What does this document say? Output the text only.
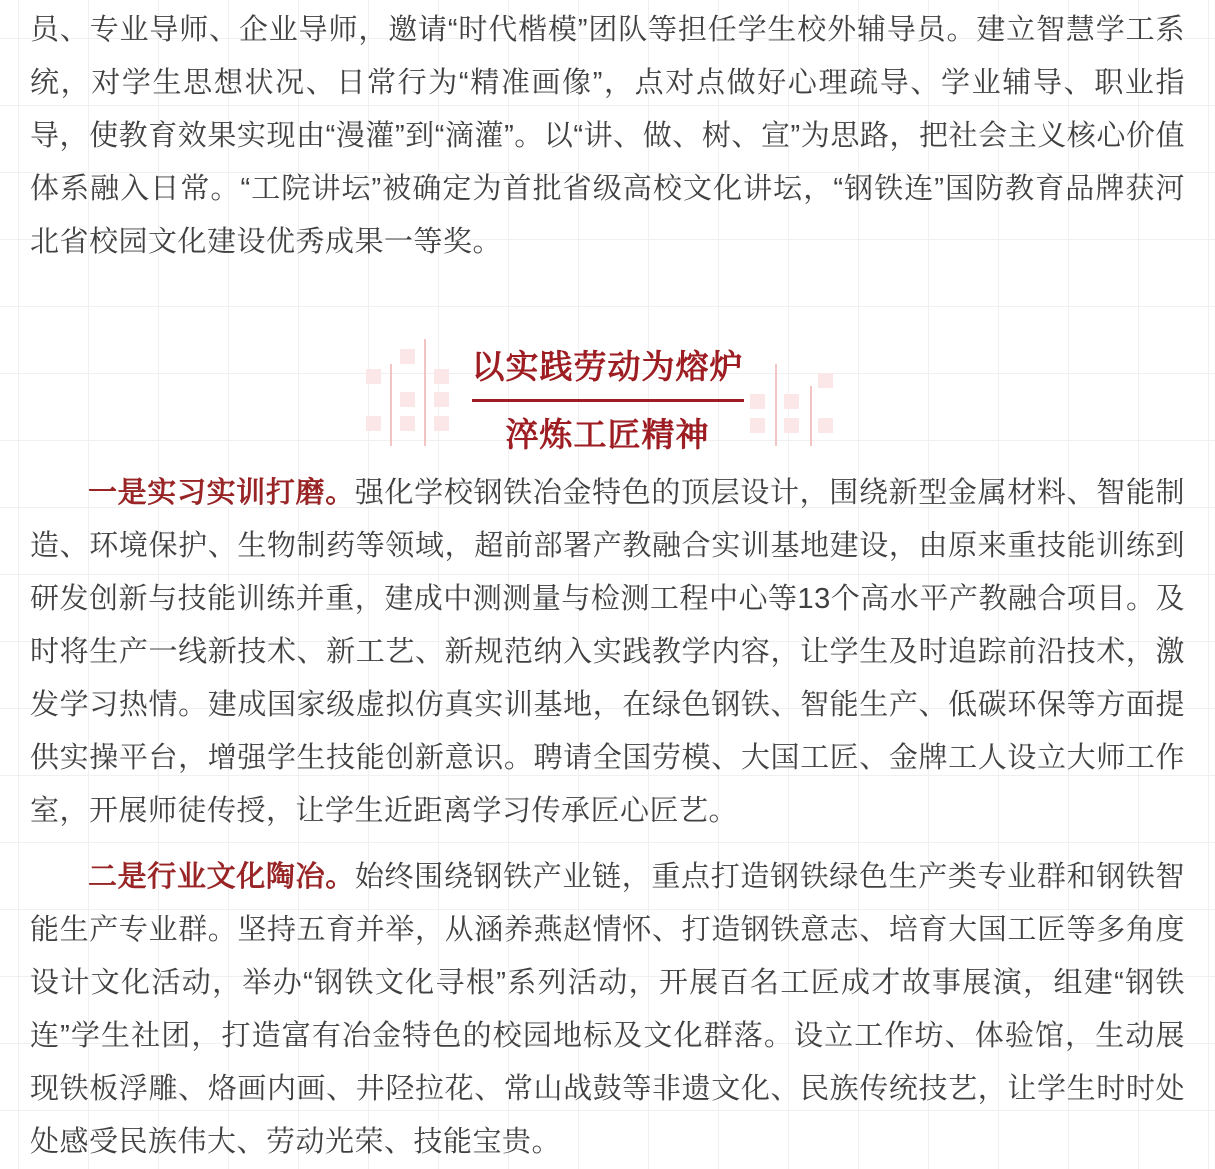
员、专业导师、企业导师，邀请“时代楷模”团队等担任学生校外辅导员。建立智慧学工系统，对学生思想状况、日常行为“精准画像”，点对点做好心理疏导、学业辅导、职业指导，使教育效果实现由“漫灌”到“滴灌”。以“讲、做、树、宣”为思路，把社会主义核心价值体系融入日常。“工院讲坛”被确定为首批省级高校文化讲坛，“钢铁连”国防教育品牌获河北省校园文化建设优秀成果一等奖。

以实践劳动为熔炉
淬炼工匠精神

一是实习实训打磨。强化学校钢铁冶金特色的顶层设计，围绕新型金属材料、智能制造、环境保护、生物制药等领域，超前部署产教融合实训基地建设，由原来重技能训练到研发创新与技能训练并重，建成中测测量与检测工程中心等13个高水平产教融合项目。及时将生产一线新技术、新工艺、新规范纳入实践教学内容，让学生及时追踪前沿技术，激发学习热情。建成国家级虚拟仿真实训基地，在绿色钢铁、智能生产、低碳环保等方面提供实操平台，增强学生技能创新意识。聘请全国劳模、大国工匠、金牌工人设立大师工作室，开展师徒传授，让学生近距离学习传承匠心匠艺。

二是行业文化陶冶。始终围绕钢铁产业链，重点打造钢铁绿色生产类专业群和钢铁智能生产专业群。坚持五育并举，从涵养燕赵情怀、打造钢铁意志、培育大国工匠等多角度设计文化活动，举办“钢铁文化寻根”系列活动，开展百名工匠成才故事展演，组建“钢铁连”学生社团，打造富有冶金特色的校园地标及文化群落。设立工作坊、体验馆，生动展现铁板浮雕、烙画内画、井陉拉花、常山战鼓等非遗文化、民族传统技艺，让学生时时处处感受民族伟大、劳动光荣、技能宝贵。
